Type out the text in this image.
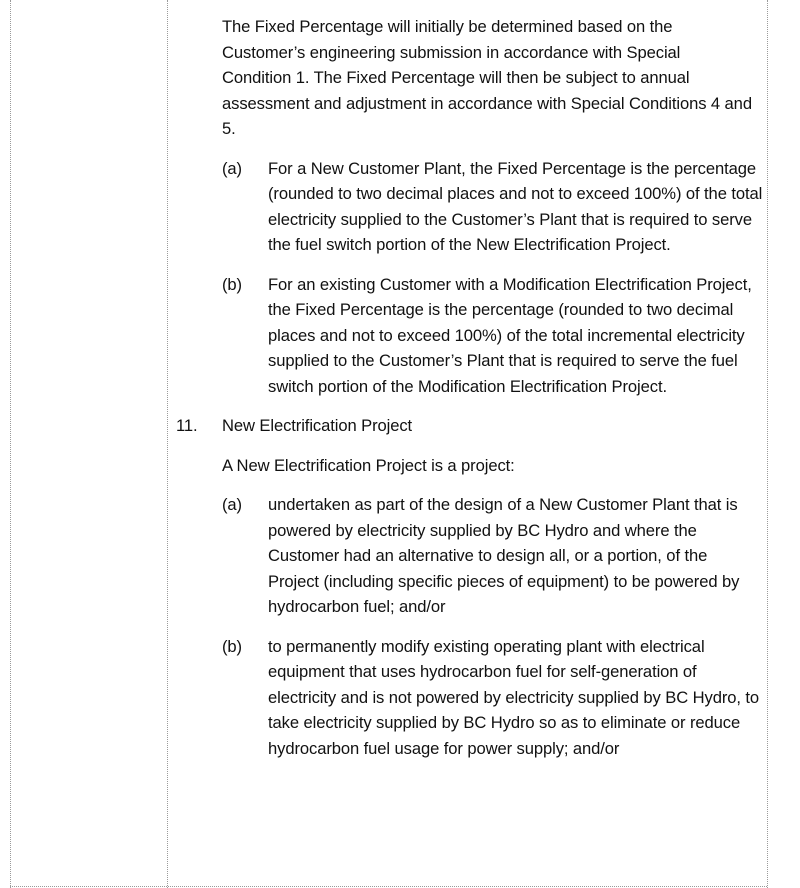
The Fixed Percentage will initially be determined based on the Customer’s engineering submission in accordance with Special Condition 1. The Fixed Percentage will then be subject to annual assessment and adjustment in accordance with Special Conditions 4 and 5.

(a) For a New Customer Plant, the Fixed Percentage is the percentage (rounded to two decimal places and not to exceed 100%) of the total electricity supplied to the Customer’s Plant that is required to serve the fuel switch portion of the New Electrification Project.
(b) For an existing Customer with a Modification Electrification Project, the Fixed Percentage is the percentage (rounded to two decimal places and not to exceed 100%) of the total incremental electricity supplied to the Customer’s Plant that is required to serve the fuel switch portion of the Modification Electrification Project.
11. New Electrification Project

A New Electrification Project is a project:

(a) undertaken as part of the design of a New Customer Plant that is powered by electricity supplied by BC Hydro and where the Customer had an alternative to design all, or a portion, of the Project (including specific pieces of equipment) to be powered by hydrocarbon fuel; and/or
(b) to permanently modify existing operating plant with electrical equipment that uses hydrocarbon fuel for self-generation of electricity and is not powered by electricity supplied by BC Hydro, to take electricity supplied by BC Hydro so as to eliminate or reduce hydrocarbon fuel usage for power supply; and/or
